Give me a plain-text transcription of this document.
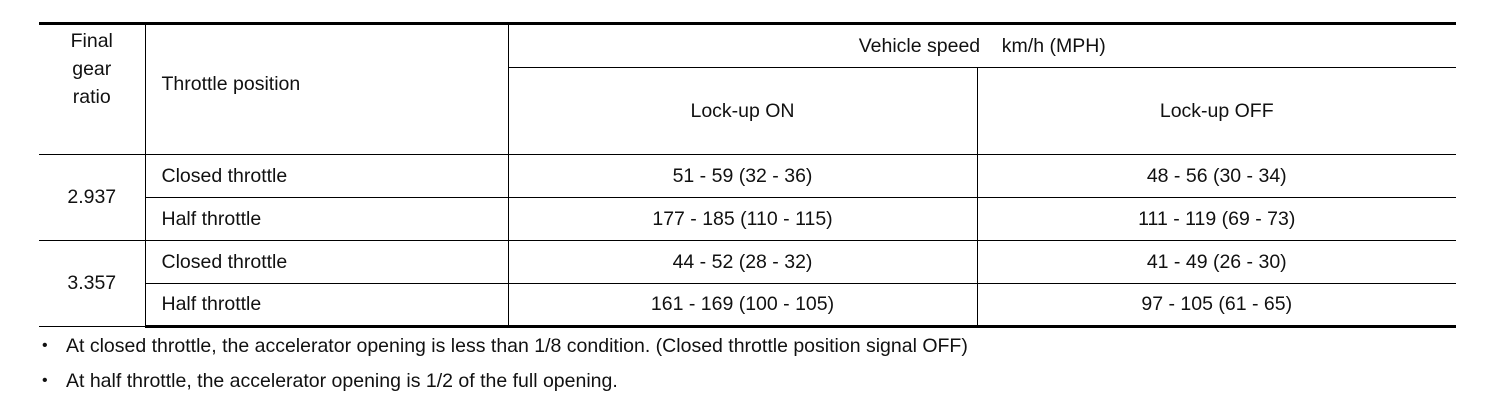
Final
gear
ratio	Throttle position	Vehicle speed    km/h (MPH)	
		Lock-up ON	Lock-up OFF
2.937	Closed throttle	51 - 59 (32 - 36)	48 - 56 (30 - 34)
	Half throttle	177 - 185 (110 - 115)	111 - 119 (69 - 73)
3.357	Closed throttle	44 - 52 (28 - 32)	41 - 49 (26 - 30)
	Half throttle	161 - 169 (100 - 105)	97 - 105 (61 - 65)
• At closed throttle, the accelerator opening is less than 1/8 condition. (Closed throttle position signal OFF)
• At half throttle, the accelerator opening is 1/2 of the full opening.
